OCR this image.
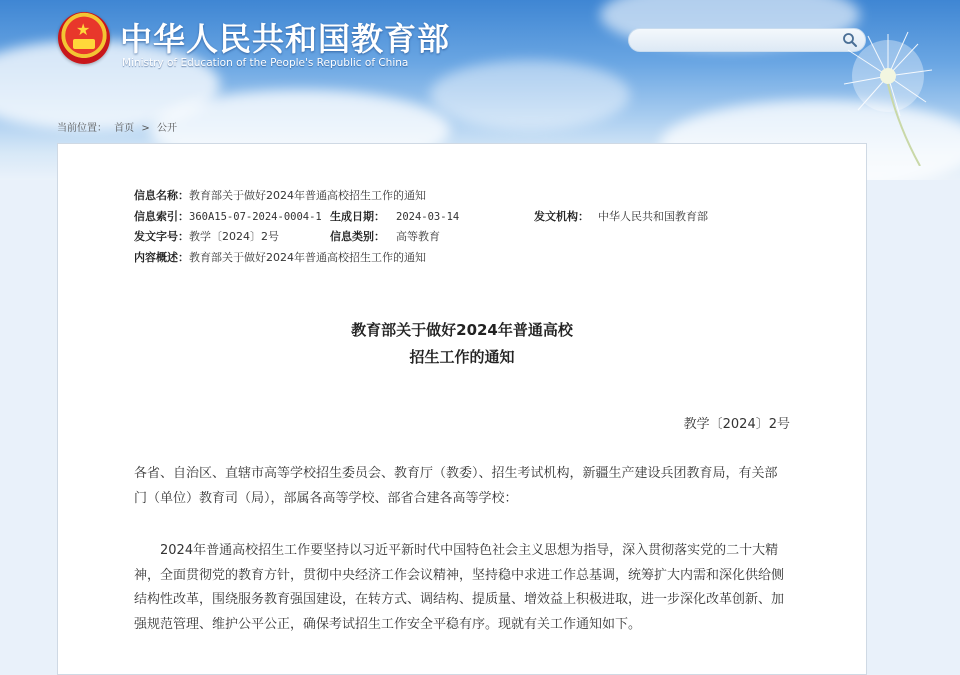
★ 中华人民共和国教育部
Ministry of Education of the People's Republic of China
当前位置： 首页 > 公开
信息名称：教育部关于做好2024年普通高校招生工作的通知
信息索引：360A15-07-2024-0004-1 生成日期： 2024-03-14	发文机构： 中华人民共和国教育部
发文字号：教学〔2024〕2号	信息类别： 高等教育
内容概述：教育部关于做好2024年普通高校招生工作的通知
教育部关于做好2024年普通高校
招生工作的通知
教学〔2024〕2号
各省、自治区、直辖市高等学校招生委员会、教育厅（教委）、招生考试机构，新疆生产建设兵团教育局，有关部门（单位）教育司（局），部属各高等学校、部省合建各高等学校：
2024年普通高校招生工作要坚持以习近平新时代中国特色社会主义思想为指导，深入贯彻落实党的二十大精神，全面贯彻党的教育方针，贯彻中央经济工作会议精神，坚持稳中求进工作总基调，统筹扩大内需和深化供给侧结构性改革，围绕服务教育强国建设，在转方式、调结构、提质量、增效益上积极进取，进一步深化改革创新、加强规范管理、维护公平公正，确保考试招生工作安全平稳有序。现就有关工作通知如下。
